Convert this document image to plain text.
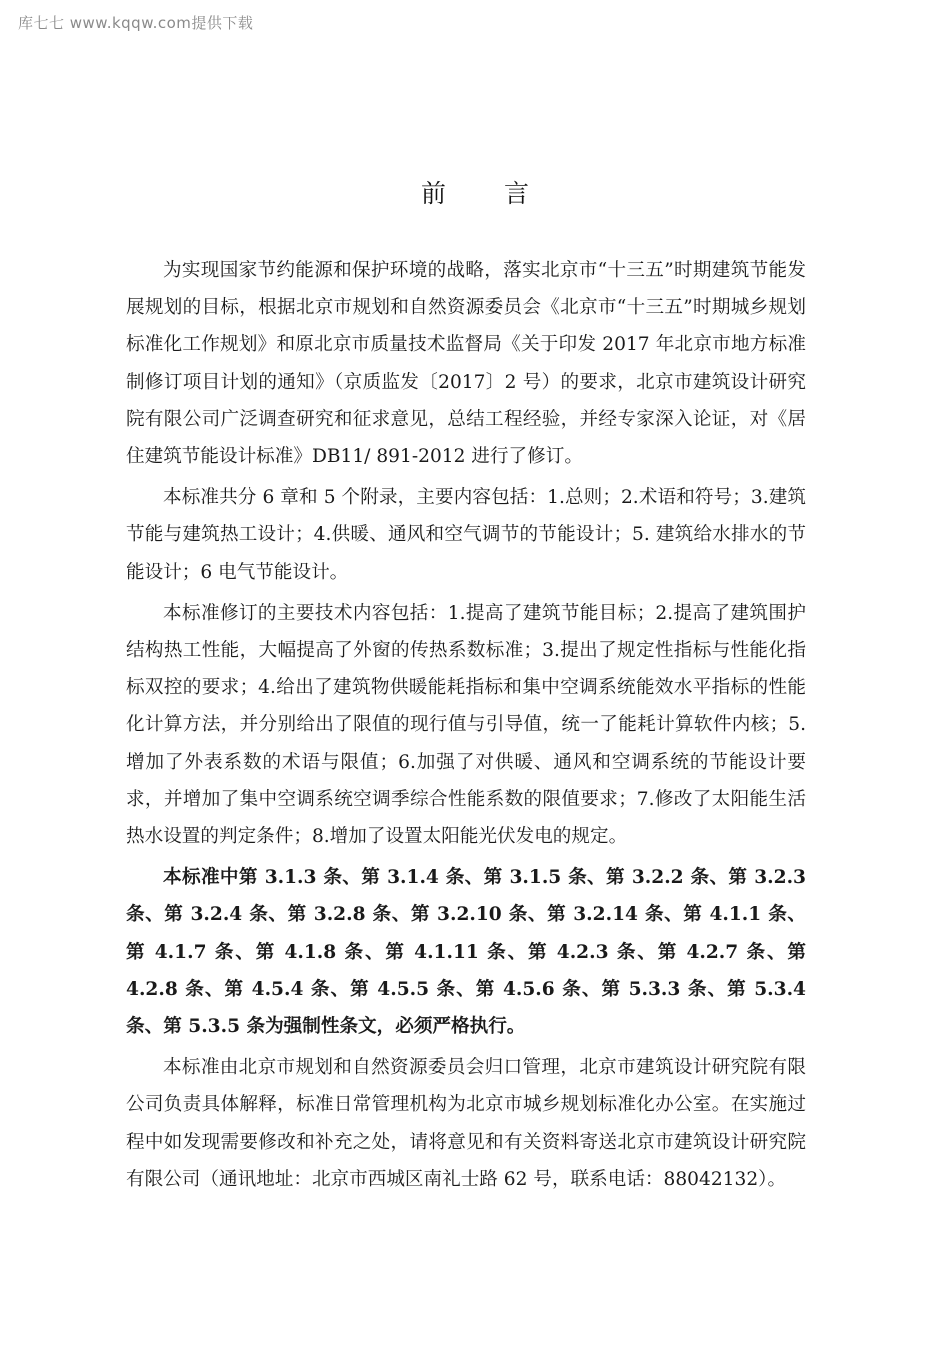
库七七 www.kqqw.com提供下载
前言

为实现国家节约能源和保护环境的战略，落实北京市“十三五”时期建筑节能发展规划的目标，根据北京市规划和自然资源委员会《北京市“十三五”时期城乡规划标准化工作规划》和原北京市质量技术监督局《关于印发 2017 年北京市地方标准制修订项目计划的通知》（京质监发〔2017〕2 号）的要求，北京市建筑设计研究院有限公司广泛调查研究和征求意见，总结工程经验，并经专家深入论证，对《居住建筑节能设计标准》DB11/ 891-2012 进行了修订。

本标准共分 6 章和 5 个附录，主要内容包括：1.总则；2.术语和符号；3.建筑节能与建筑热工设计；4.供暖、通风和空气调节的节能设计；5. 建筑给水排水的节能设计；6 电气节能设计。

本标准修订的主要技术内容包括：1.提高了建筑节能目标；2.提高了建筑围护结构热工性能，大幅提高了外窗的传热系数标准；3.提出了规定性指标与性能化指标双控的要求；4.给出了建筑物供暖能耗指标和集中空调系统能效水平指标的性能化计算方法，并分别给出了限值的现行值与引导值，统一了能耗计算软件内核；5.增加了外表系数的术语与限值；6.加强了对供暖、通风和空调系统的节能设计要求，并增加了集中空调系统空调季综合性能系数的限值要求；7.修改了太阳能生活热水设置的判定条件；8.增加了设置太阳能光伏发电的规定。

本标准中第 3.1.3 条、第 3.1.4 条、第 3.1.5 条、第 3.2.2 条、第 3.2.3 条、第 3.2.4 条、第 3.2.8 条、第 3.2.10 条、第 3.2.14 条、第 4.1.1 条、第 4.1.7 条、第 4.1.8 条、第 4.1.11 条、第 4.2.3 条、第 4.2.7 条、第 4.2.8 条、第 4.5.4 条、第 4.5.5 条、第 4.5.6 条、第 5.3.3 条、第 5.3.4 条、第 5.3.5 条为强制性条文，必须严格执行。

本标准由北京市规划和自然资源委员会归口管理，北京市建筑设计研究院有限公司负责具体解释，标准日常管理机构为北京市城乡规划标准化办公室。在实施过程中如发现需要修改和补充之处，请将意见和有关资料寄送北京市建筑设计研究院有限公司（通讯地址：北京市西城区南礼士路 62 号，联系电话：88042132）。
